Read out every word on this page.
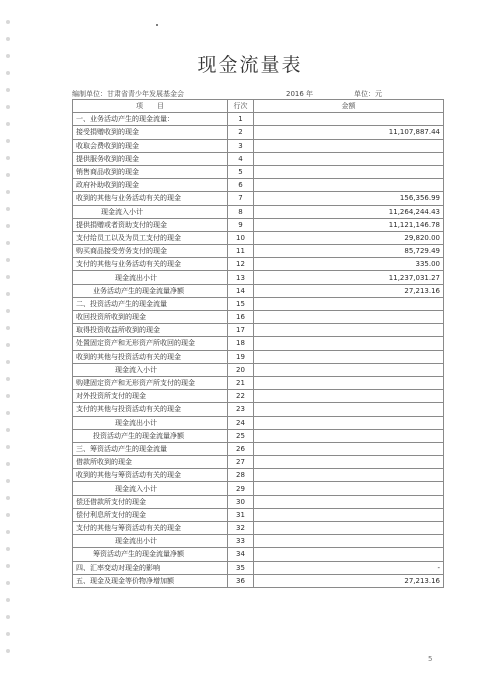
现金流量表
编制单位：甘肃省青少年发展基金会	2016 年	单位：元
项　　目	行次	金额
一、业务活动产生的现金流量：	1	
接受捐赠收到的现金	2	11,107,887.44
收取会费收到的现金	3	
提供服务收到的现金	4	
销售商品收到的现金	5	
政府补助收到的现金	6	
收到的其他与业务活动有关的现金	7	156,356.99
现金流入小计	8	11,264,244.43
提供捐赠或者资助支付的现金	9	11,121,146.78
支付给员工以及为员工支付的现金	10	29,820.00
购买商品接受劳务支付的现金	11	85,729.49
支付的其他与业务活动有关的现金	12	335.00
现金流出小计	13	11,237,031.27
业务活动产生的现金流量净额	14	27,213.16
二、投资活动产生的现金流量	15	
收回投资所收到的现金	16	
取得投资收益所收到的现金	17	
处置固定资产和无形资产所收回的现金	18	
收到的其他与投资活动有关的现金	19	
现金流入小计	20	
购建固定资产和无形资产所支付的现金	21	
对外投资所支付的现金	22	
支付的其他与投资活动有关的现金	23	
现金流出小计	24	
投资活动产生的现金流量净额	25	
三、筹资活动产生的现金流量	26	
借款所收到的现金	27	
收到的其他与筹资活动有关的现金	28	
现金流入小计	29	
偿还借款所支付的现金	30	
偿付利息所支付的现金	31	
支付的其他与筹资活动有关的现金	32	
现金流出小计	33	
筹资活动产生的现金流量净额	34	
四、汇率变动对现金的影响	35	-
五、现金及现金等价物净增加额	36	27,213.16
5
